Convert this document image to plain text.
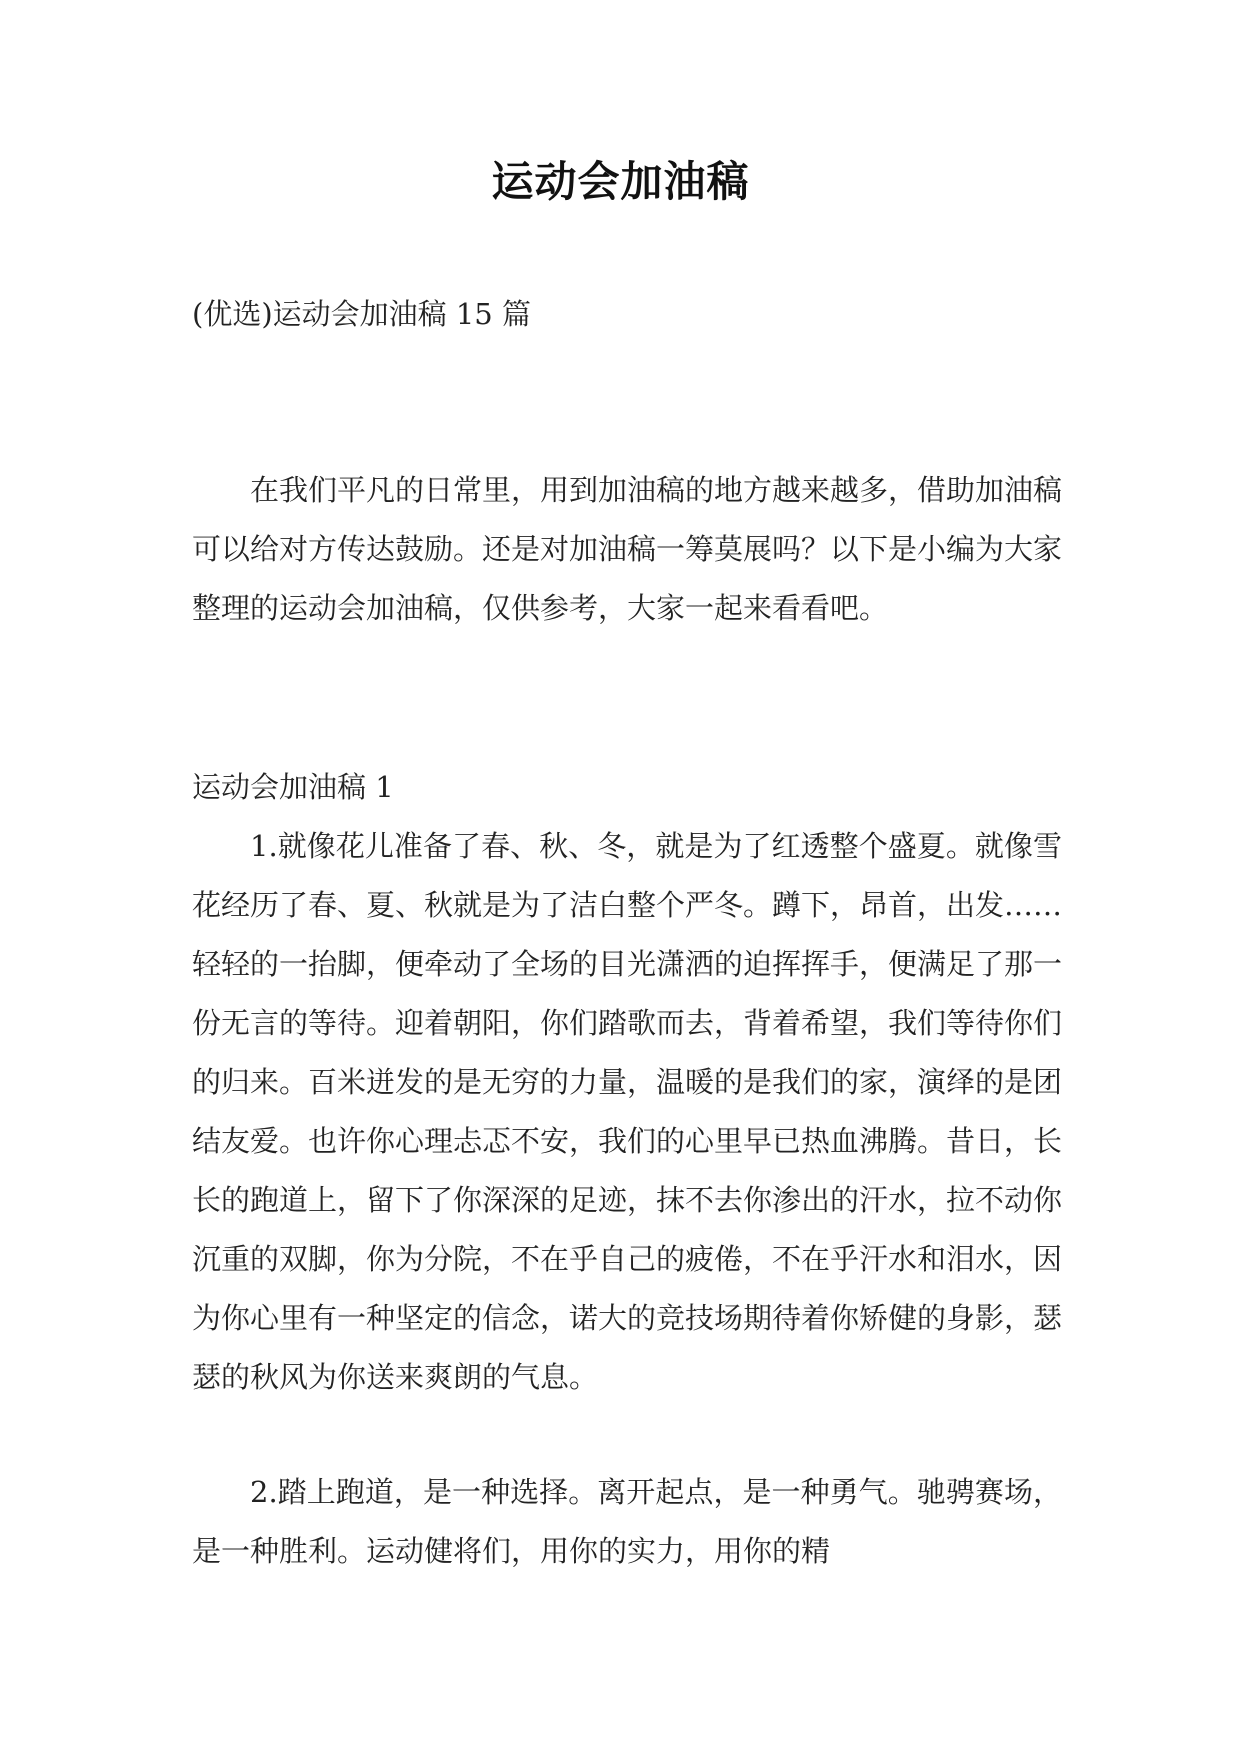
运动会加油稿
(优选)运动会加油稿 15 篇

在我们平凡的日常里，用到加油稿的地方越来越多，借助加油稿可以给对方传达鼓励。还是对加油稿一筹莫展吗？以下是小编为大家整理的运动会加油稿，仅供参考，大家一起来看看吧。

运动会加油稿 1

1.就像花儿准备了春、秋、冬，就是为了红透整个盛夏。就像雪花经历了春、夏、秋就是为了洁白整个严冬。蹲下，昂首，出发……轻轻的一抬脚，便牵动了全场的目光潇洒的迫挥挥手，便满足了那一份无言的等待。迎着朝阳，你们踏歌而去，背着希望，我们等待你们的归来。百米迸发的是无穷的力量，温暖的是我们的家，演绎的是团结友爱。也许你心理忐忑不安，我们的心里早已热血沸腾。昔日，长长的跑道上，留下了你深深的足迹，抹不去你渗出的汗水，拉不动你沉重的双脚，你为分院，不在乎自己的疲倦，不在乎汗水和泪水，因为你心里有一种坚定的信念，诺大的竞技场期待着你矫健的身影，瑟瑟的秋风为你送来爽朗的气息。

2.踏上跑道，是一种选择。离开起点，是一种勇气。驰骋赛场，是一种胜利。运动健将们，用你的实力，用你的精
